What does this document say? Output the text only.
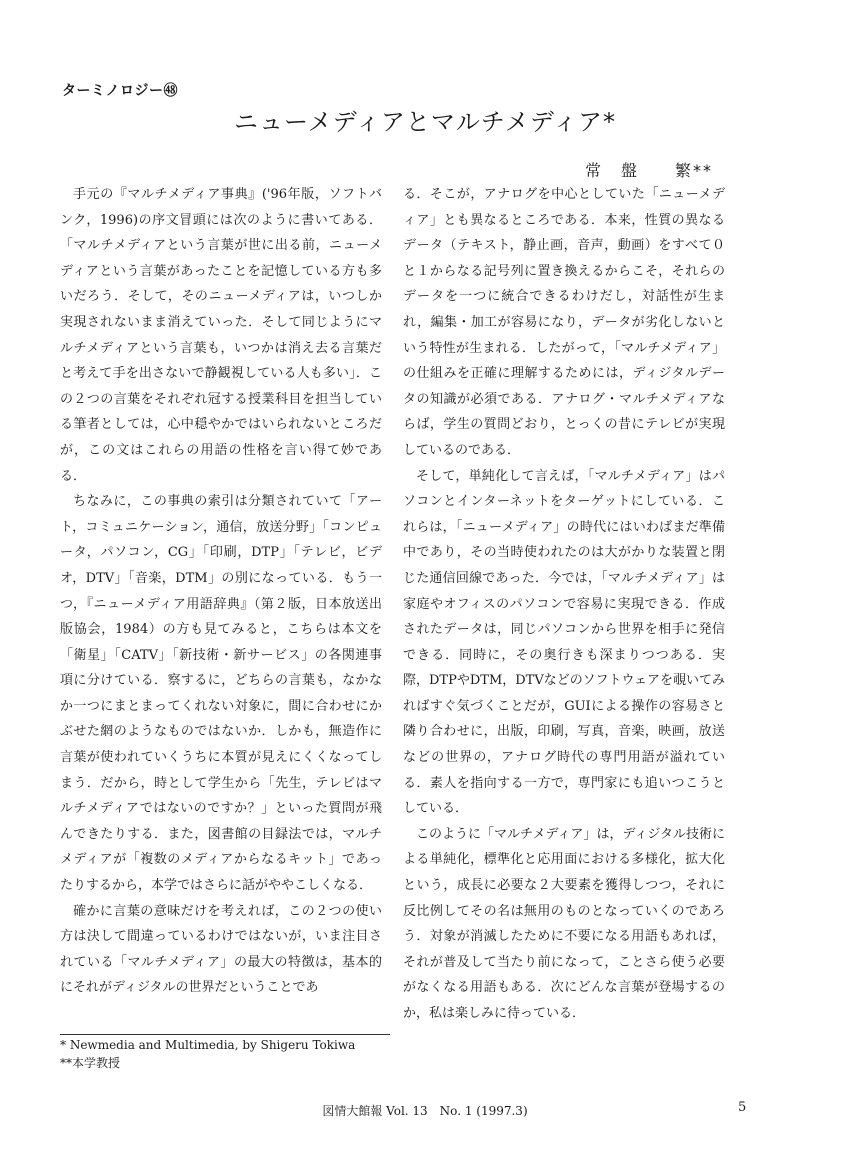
ターミノロジー㊽
ニューメディアとマルチメディア*
常　盤　　繁**

手元の『マルチメディア事典』('96年版，ソフトバンク，1996)の序文冒頭には次のように書いてある．「マルチメディアという言葉が世に出る前，ニューメディアという言葉があったことを記憶している方も多いだろう．そして，そのニューメディアは，いつしか実現されないまま消えていった．そして同じようにマルチメディアという言葉も，いつかは消え去る言葉だと考えて手を出さないで静観視している人も多い」．この２つの言葉をそれぞれ冠する授業科目を担当している筆者としては，心中穏やかではいられないところだが，この文はこれらの用語の性格を言い得て妙である．

ちなみに，この事典の索引は分類されていて「アート，コミュニケーション，通信，放送分野」「コンピュータ，パソコン，CG」「印刷，DTP」「テレビ，ビデオ，DTV」「音楽，DTM」の別になっている．もう一つ，『ニューメディア用語辞典』（第２版，日本放送出版協会，1984）の方も見てみると，こちらは本文を「衛星」「CATV」「新技術・新サービス」の各関連事項に分けている．察するに，どちらの言葉も，なかなか一つにまとまってくれない対象に，間に合わせにかぶせた網のようなものではないか．しかも，無造作に言葉が使われていくうちに本質が見えにくくなってしまう．だから，時として学生から「先生，テレビはマルチメディアではないのですか？」といった質問が飛んできたりする．また，図書館の目録法では，マルチメディアが「複数のメディアからなるキット」であったりするから，本学ではさらに話がややこしくなる．

確かに言葉の意味だけを考えれば，この２つの使い方は決して間違っているわけではないが，いま注目されている「マルチメディア」の最大の特徴は，基本的にそれがディジタルの世界だということであ

る．そこが，アナログを中心としていた「ニューメディア」とも異なるところである．本来，性質の異なるデータ（テキスト，静止画，音声，動画）をすべて０と１からなる記号列に置き換えるからこそ，それらのデータを一つに統合できるわけだし，対話性が生まれ，編集・加工が容易になり，データが劣化しないという特性が生まれる．したがって，「マルチメディア」の仕組みを正確に理解するためには，ディジタルデータの知識が必須である．アナログ・マルチメディアならば，学生の質問どおり，とっくの昔にテレビが実現しているのである．

そして，単純化して言えば，「マルチメディア」はパソコンとインターネットをターゲットにしている．これらは，「ニューメディア」の時代にはいわばまだ準備中であり，その当時使われたのは大がかりな装置と閉じた通信回線であった．今では，「マルチメディア」は家庭やオフィスのパソコンで容易に実現できる．作成されたデータは，同じパソコンから世界を相手に発信できる．同時に，その奥行きも深まりつつある．実際，DTPやDTM，DTVなどのソフトウェアを覗いてみればすぐ気づくことだが，GUIによる操作の容易さと隣り合わせに，出版，印刷，写真，音楽，映画，放送などの世界の，アナログ時代の専門用語が溢れている．素人を指向する一方で，専門家にも追いつこうとしている．

このように「マルチメディア」は，ディジタル技術による単純化，標準化と応用面における多様化，拡大化という，成長に必要な２大要素を獲得しつつ，それに反比例してその名は無用のものとなっていくのであろう．対象が消滅したために不要になる用語もあれば，それが普及して当たり前になって，ことさら使う必要がなくなる用語もある．次にどんな言葉が登場するのか，私は楽しみに待っている．

* Newmedia and Multimedia, by Shigeru Tokiwa
**本学教授
図情大館報 Vol. 13　No. 1 (1997.3)	5
